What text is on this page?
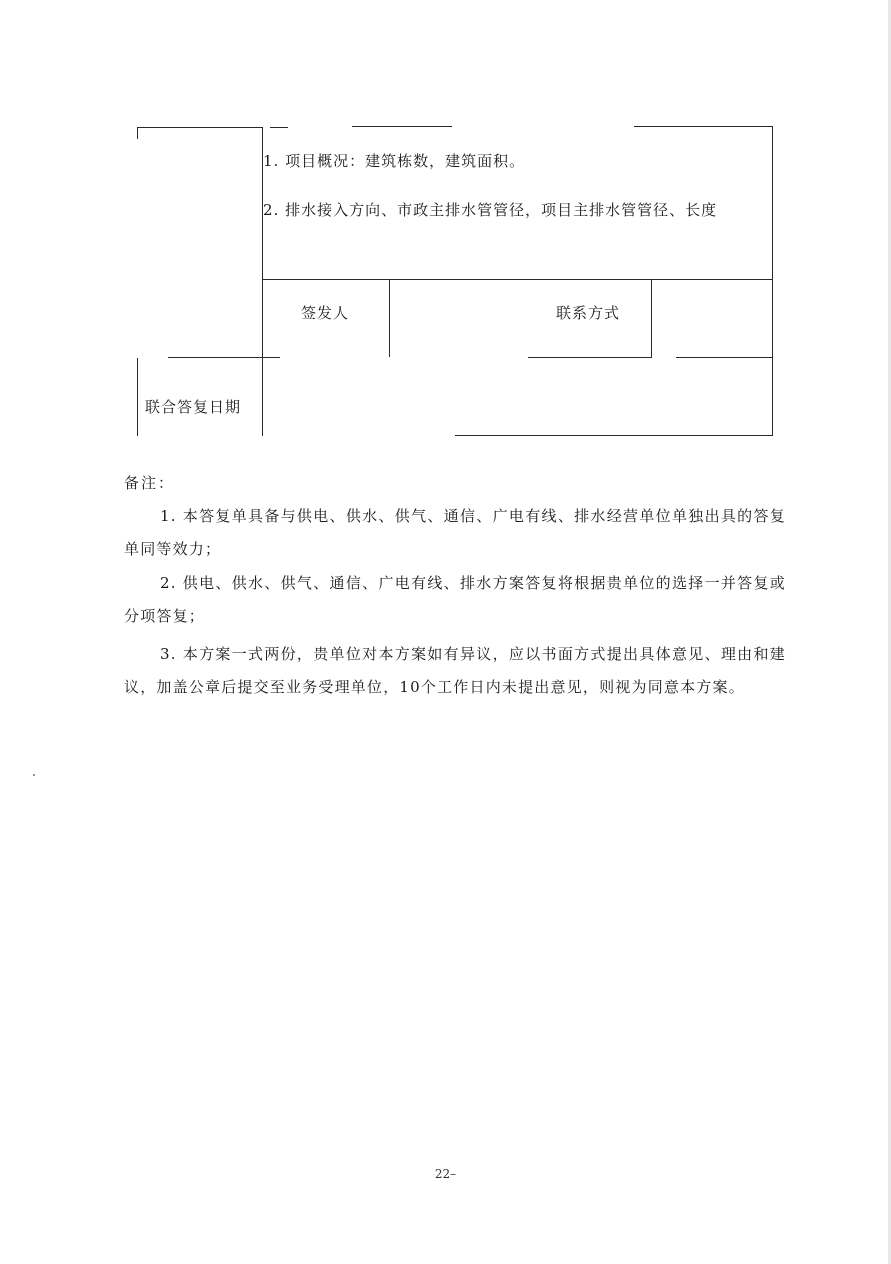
1. 项目概况：建筑栋数，建筑面积。
2. 排水接入方向、市政主排水管管径，项目主排水管管径、长度
签发人	联系方式
联合答复日期
备注：

1. 本答复单具备与供电、供水、供气、通信、广电有线、排水经营单位单独出具的答复单同等效力；

2. 供电、供水、供气、通信、广电有线、排水方案答复将根据贵单位的选择一并答复或分项答复；

3. 本方案一式两份，贵单位对本方案如有异议，应以书面方式提出具体意见、理由和建议，加盖公章后提交至业务受理单位，10个工作日内未提出意见，则视为同意本方案。

22–
